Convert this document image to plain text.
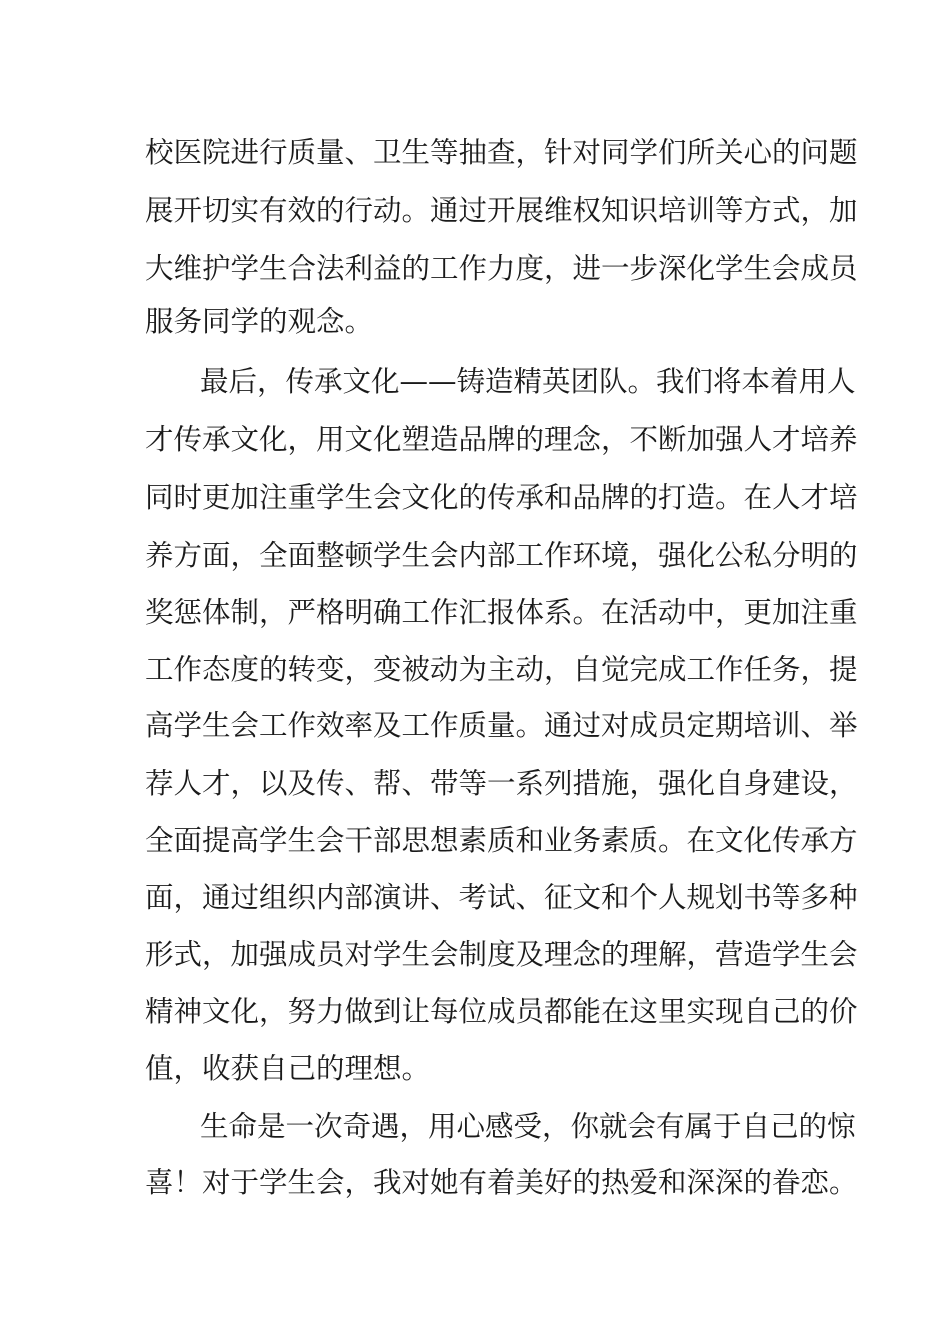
校医院进行质量、卫生等抽查，针对同学们所关心的问题
展开切实有效的行动。通过开展维权知识培训等方式，加
大维护学生合法利益的工作力度，进一步深化学生会成员
服务同学的观念。
最后，传承文化——铸造精英团队。我们将本着用人
才传承文化，用文化塑造品牌的理念，不断加强人才培养
同时更加注重学生会文化的传承和品牌的打造。在人才培
养方面，全面整顿学生会内部工作环境，强化公私分明的
奖惩体制，严格明确工作汇报体系。在活动中，更加注重
工作态度的转变，变被动为主动，自觉完成工作任务，提
高学生会工作效率及工作质量。通过对成员定期培训、举
荐人才，以及传、帮、带等一系列措施，强化自身建设，
全面提高学生会干部思想素质和业务素质。在文化传承方
面，通过组织内部演讲、考试、征文和个人规划书等多种
形式，加强成员对学生会制度及理念的理解，营造学生会
精神文化，努力做到让每位成员都能在这里实现自己的价
值，收获自己的理想。
生命是一次奇遇，用心感受，你就会有属于自己的惊
喜！对于学生会，我对她有着美好的热爱和深深的眷恋。
